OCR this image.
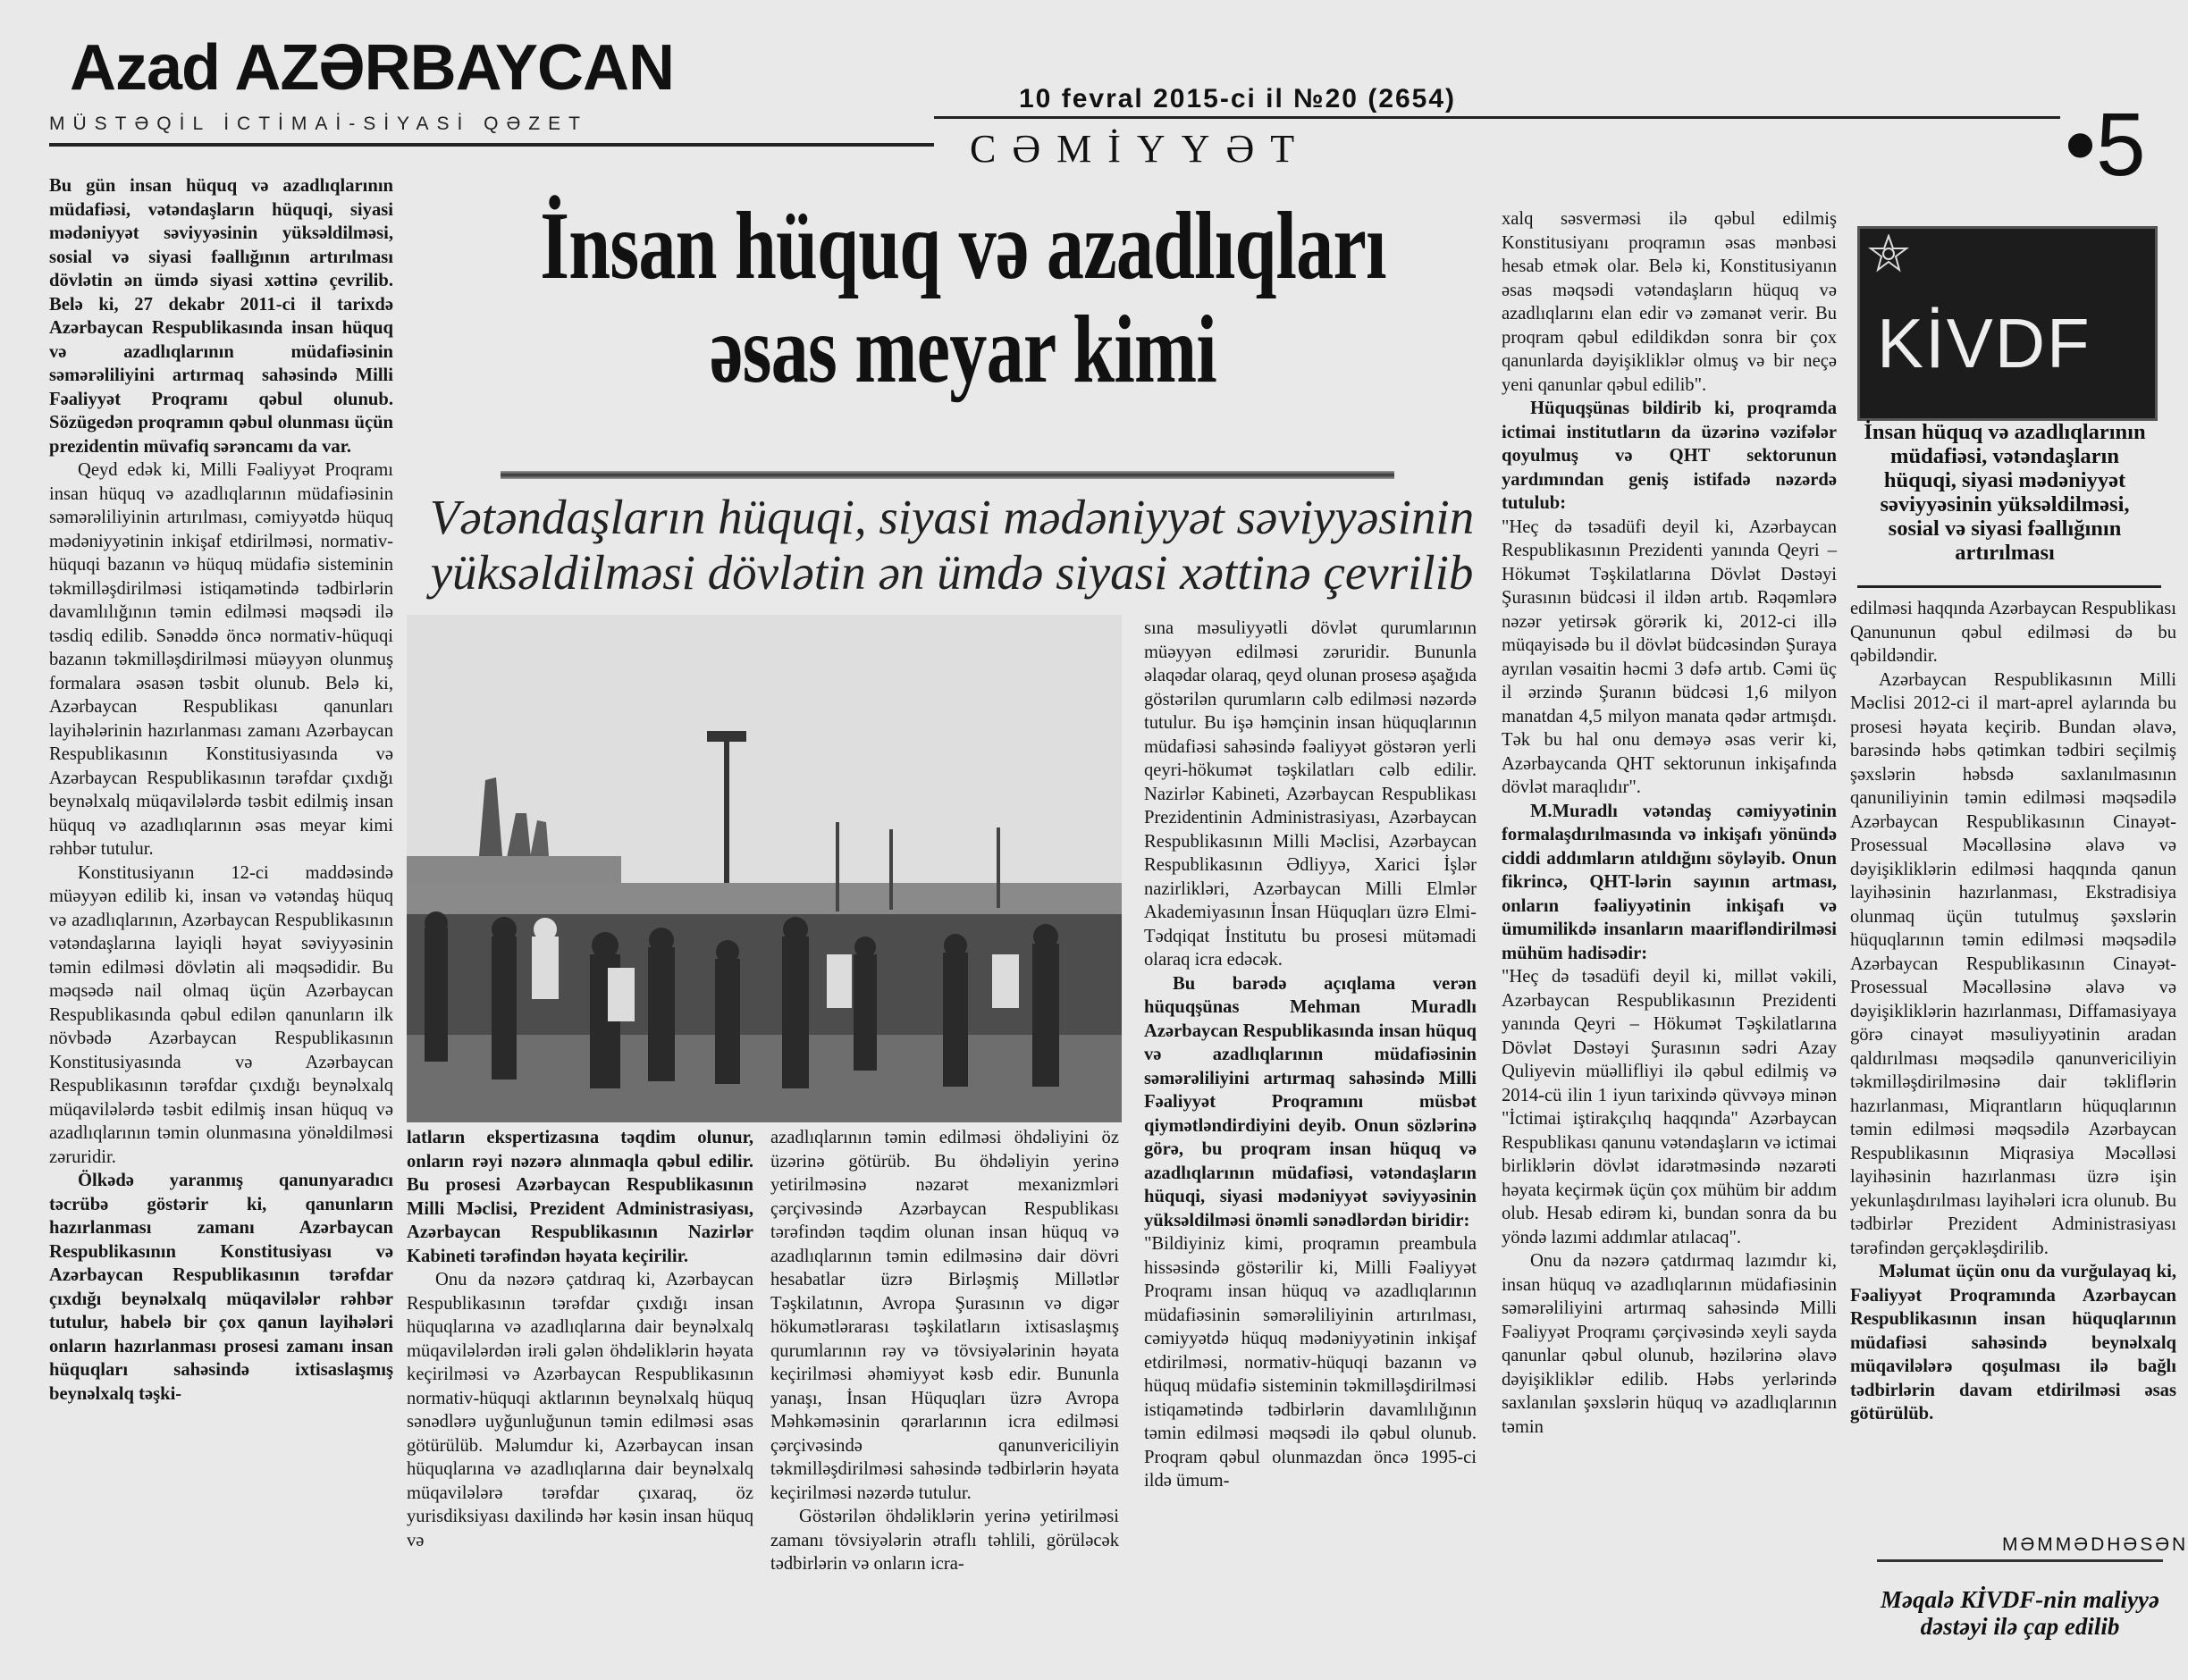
Azad AZƏRBAYCAN
MÜSTƏQİL İCTİMAİ-SİYASİ QƏZET
10 fevral 2015-ci il №20 (2654)
CƏMİYYƏT	•5
İnsan hüquq və azadlıqları əsas meyar kimi
Vətəndaşların hüquqi, siyasi mədəniyyət səviyyəsinin yüksəldilməsi dövlətin ən ümdə siyasi xəttinə çevrilib

Bu gün insan hüquq və azadlıqlarının müdafiəsi, vətəndaşların hüquqi, siyasi mədəniyyət səviyyəsinin yüksəldilməsi, sosial və siyasi fəallığının artırılması dövlətin ən ümdə siyasi xəttinə çevrilib. Belə ki, 27 dekabr 2011-ci il tarixdə Azərbaycan Respublikasında insan hüquq və azadlıqlarının müdafiəsinin səmərəliliyini artırmaq sahəsində Milli Fəaliyyət Proqramı qəbul olunub. Sözügedən proqramın qəbul olunması üçün prezidentin müvafiq sərəncamı da var.

Qeyd edək ki, Milli Fəaliyyət Proqramı insan hüquq və azadlıqlarının müdafiəsinin səmərəliliyinin artırılması, cəmiyyətdə hüquq mədəniyyətinin inkişaf etdirilməsi, normativ-hüquqi bazanın və hüquq müdafiə sisteminin təkmilləşdirilməsi istiqamətində tədbirlərin davamlılığının təmin edilməsi məqsədi ilə təsdiq edilib. Sənəddə öncə normativ-hüquqi bazanın təkmilləşdirilməsi müəyyən olunmuş formalara əsasən təsbit olunub. Belə ki, Azərbaycan Respublikası qanunları layihələrinin hazırlanması zamanı Azərbaycan Respublikasının Konstitusiyasında və Azərbaycan Respublikasının tərəfdar çıxdığı beynəlxalq müqavilələrdə təsbit edilmiş insan hüquq və azadlıqlarının əsas meyar kimi rəhbər tutulur.

Konstitusiyanın 12-ci maddəsində müəyyən edilib ki, insan və vətəndaş hüquq və azadlıqlarının, Azərbaycan Respublikasının vətəndaşlarına layiqli həyat səviyyəsinin təmin edilməsi dövlətin ali məqsədidir. Bu məqsədə nail olmaq üçün Azərbaycan Respublikasında qəbul edilən qanunların ilk növbədə Azərbaycan Respublikasının Konstitusiyasında və Azərbaycan Respublikasının tərəfdar çıxdığı beynəlxalq müqavilələrdə təsbit edilmiş insan hüquq və azadlıqlarının təmin olunmasına yönəldilməsi zəruridir.

Ölkədə yaranmış qanunyaradıcı təcrübə göstərir ki, qanunların hazırlanması zamanı Azərbaycan Respublikasının Konstitusiyası və Azərbaycan Respublikasının tərəfdar çıxdığı beynəlxalq müqavilələr rəhbər tutulur, habelə bir çox qanun layihələri onların hazırlanması prosesi zamanı insan hüquqları sahəsində ixtisaslaşmış beynəlxalq təşki-

latların ekspertizasına təqdim olunur, onların rəyi nəzərə alınmaqla qəbul edilir. Bu prosesi Azərbaycan Respublikasının Milli Məclisi, Prezident Administrasiyası, Azərbaycan Respublikasının Nazirlər Kabineti tərəfindən həyata keçirilir.

Onu da nəzərə çatdıraq ki, Azərbaycan Respublikasının tərəfdar çıxdığı insan hüquqlarına və azadlıqlarına dair beynəlxalq müqavilələrdən irəli gələn öhdəliklərin həyata keçirilməsi və Azərbaycan Respublikasının normativ-hüquqi aktlarının beynəlxalq hüquq sənədlərə uyğunluğunun təmin edilməsi əsas götürülüb. Məlumdur ki, Azərbaycan insan hüquqlarına və azadlıqlarına dair beynəlxalq müqavilələrə tərəfdar çıxaraq, öz yurisdiksiyası daxilində hər kəsin insan hüquq və

azadlıqlarının təmin edilməsi öhdəliyini öz üzərinə götürüb. Bu öhdəliyin yerinə yetirilməsinə nəzarət mexanizmləri çərçivəsində Azərbaycan Respublikası tərəfindən təqdim olunan insan hüquq və azadlıqlarının təmin edilməsinə dair dövri hesabatlar üzrə Birləşmiş Millətlər Təşkilatının, Avropa Şurasının və digər hökumətlərarası təşkilatların ixtisaslaşmış qurumlarının rəy və tövsiyələrinin həyata keçirilməsi əhəmiyyət kəsb edir. Bununla yanaşı, İnsan Hüquqları üzrə Avropa Məhkəməsinin qərarlarının icra edilməsi çərçivəsində qanunvericiliyin təkmilləşdirilməsi sahəsində tədbirlərin həyata keçirilməsi nəzərdə tutulur.

Göstərilən öhdəliklərin yerinə yetirilməsi zamanı tövsiyələrin ətraflı təhlili, görüləcək tədbirlərin və onların icra-

sına məsuliyyətli dövlət qurumlarının müəyyən edilməsi zəruridir. Bununla əlaqədar olaraq, qeyd olunan prosesə aşağıda göstərilən qurumların cəlb edilməsi nəzərdə tutulur. Bu işə həmçinin insan hüquqlarının müdafiəsi sahəsində fəaliyyət göstərən yerli qeyri-hökumət təşkilatları cəlb edilir. Nazirlər Kabineti, Azərbaycan Respublikası Prezidentinin Administrasiyası, Azərbaycan Respublikasının Milli Məclisi, Azərbaycan Respublikasının Ədliyyə, Xarici İşlər nazirlikləri, Azərbaycan Milli Elmlər Akademiyasının İnsan Hüquqları üzrə Elmi-Tədqiqat İnstitutu bu prosesi mütəmadi olaraq icra edəcək.

Bu barədə açıqlama verən hüquqşünas Mehman Muradlı Azərbaycan Respublikasında insan hüquq və azadlıqlarının müdafiəsinin səmərəliliyini artırmaq sahəsində Milli Fəaliyyət Proqramını müsbət qiymətləndirdiyini deyib. Onun sözlərinə görə, bu proqram insan hüquq və azadlıqlarının müdafiəsi, vətəndaşların hüquqi, siyasi mədəniyyət səviyyəsinin yüksəldilməsi önəmli sənədlərdən biridir:

"Bildiyiniz kimi, proqramın preambula hissəsində göstərilir ki, Milli Fəaliyyət Proqramı insan hüquq və azadlıqlarının müdafiəsinin səmərəliliyinin artırılması, cəmiyyətdə hüquq mədəniyyətinin inkişaf etdirilməsi, normativ-hüquqi bazanın və hüquq müdafiə sisteminin təkmilləşdirilməsi istiqamətində tədbirlərin davamlılığının təmin edilməsi məqsədi ilə qəbul olunub. Proqram qəbul olunmazdan öncə 1995-ci ildə ümum-

xalq səsverməsi ilə qəbul edilmiş Konstitusiyanı proqramın əsas mənbəsi hesab etmək olar. Belə ki, Konstitusiyanın əsas məqsədi vətəndaşların hüquq və azadlıqlarını elan edir və zəmanət verir. Bu proqram qəbul edildikdən sonra bir çox qanunlarda dəyişikliklər olmuş və bir neçə yeni qanunlar qəbul edilib".

Hüquqşünas bildirib ki, proqramda ictimai institutların da üzərinə vəzifələr qoyulmuş və QHT sektorunun yardımından geniş istifadə nəzərdə tutulub:

"Heç də təsadüfi deyil ki, Azərbaycan Respublikasının Prezidenti yanında Qeyri – Hökumət Təşkilatlarına Dövlət Dəstəyi Şurasının büdcəsi il ildən artıb. Rəqəmlərə nəzər yetirsək görərik ki, 2012-ci illə müqayisədə bu il dövlət büdcəsindən Şuraya ayrılan vəsaitin həcmi 3 dəfə artıb. Cəmi üç il ərzində Şuranın büdcəsi 1,6 milyon manatdan 4,5 milyon manata qədər artmışdı. Tək bu hal onu deməyə əsas verir ki, Azərbaycanda QHT sektorunun inkişafında dövlət maraqlıdır".

M.Muradlı vətəndaş cəmiyyətinin formalaşdırılmasında və inkişafı yönündə ciddi addımların atıldığını söyləyib. Onun fikrincə, QHT-lərin sayının artması, onların fəaliyyətinin inkişafı və ümumilikdə insanların maarifləndirilməsi mühüm hadisədir:

"Heç də təsadüfi deyil ki, millət vəkili, Azərbaycan Respublikasının Prezidenti yanında Qeyri – Hökumət Təşkilatlarına Dövlət Dəstəyi Şurasının sədri Azay Quliyevin müəllifliyi ilə qəbul edilmiş və 2014-cü ilin 1 iyun tarixində qüvvəyə minən "İctimai iştirakçılıq haqqında" Azərbaycan Respublikası qanunu vətəndaşların və ictimai birliklərin dövlət idarətməsində nəzarəti həyata keçirmək üçün çox mühüm bir addım olub. Hesab edirəm ki, bundan sonra da bu yöndə lazımi addımlar atılacaq".

Onu da nəzərə çatdırmaq lazımdır ki, insan hüquq və azadlıqlarının müdafiəsinin səmərəliliyini artırmaq sahəsində Milli Fəaliyyət Proqramı çərçivəsində xeyli sayda qanunlar qəbul olunub, həzilərinə əlavə dəyişikliklər edilib. Həbs yerlərində saxlanılan şəxslərin hüquq və azadlıqlarının təmin

KİVDF
İnsan hüquq və azadlıqlarının müdafiəsi, vətəndaşların hüquqi, siyasi mədəniyyət səviyyəsinin yüksəldilməsi, sosial və siyasi fəallığının artırılması

edilməsi haqqında Azərbaycan Respublikası Qanununun qəbul edilməsi də bu qəbildəndir.

Azərbaycan Respublikasının Milli Məclisi 2012-ci il mart-aprel aylarında bu prosesi həyata keçirib. Bundan əlavə, barəsində həbs qətimkan tədbiri seçilmiş şəxslərin həbsdə saxlanılmasının qanuniliyinin təmin edilməsi məqsədilə Azərbaycan Respublikasının Cinayət-Prosessual Məcəlləsinə əlavə və dəyişikliklərin edilməsi haqqında qanun layihəsinin hazırlanması, Ekstradisiya olunmaq üçün tutulmuş şəxslərin hüquqlarının təmin edilməsi məqsədilə Azərbaycan Respublikasının Cinayət-Prosessual Məcəlləsinə əlavə və dəyişikliklərin hazırlanması, Diffamasiyaya görə cinayət məsuliyyətinin aradan qaldırılması məqsədilə qanunvericiliyin təkmilləşdirilməsinə dair təkliflərin hazırlanması, Miqrantların hüquqlarının təmin edilməsi məqsədilə Azərbaycan Respublikasının Miqrasiya Məcəlləsi layihəsinin hazırlanması üzrə işin yekunlaşdırılması layihələri icra olunub. Bu tədbirlər Prezident Administrasiyası tərəfindən gerçəkləşdirilib.

Məlumat üçün onu da vurğulayaq ki, Fəaliyyət Proqramında Azərbaycan Respublikasının insan hüquqlarının müdafiəsi sahəsində beynəlxalq müqavilələrə qoşulması ilə bağlı tədbirlərin davam etdirilməsi əsas götürülüb.

MƏMMƏDHƏSƏN
Məqalə KİVDF-nin maliyyə dəstəyi ilə çap edilib
